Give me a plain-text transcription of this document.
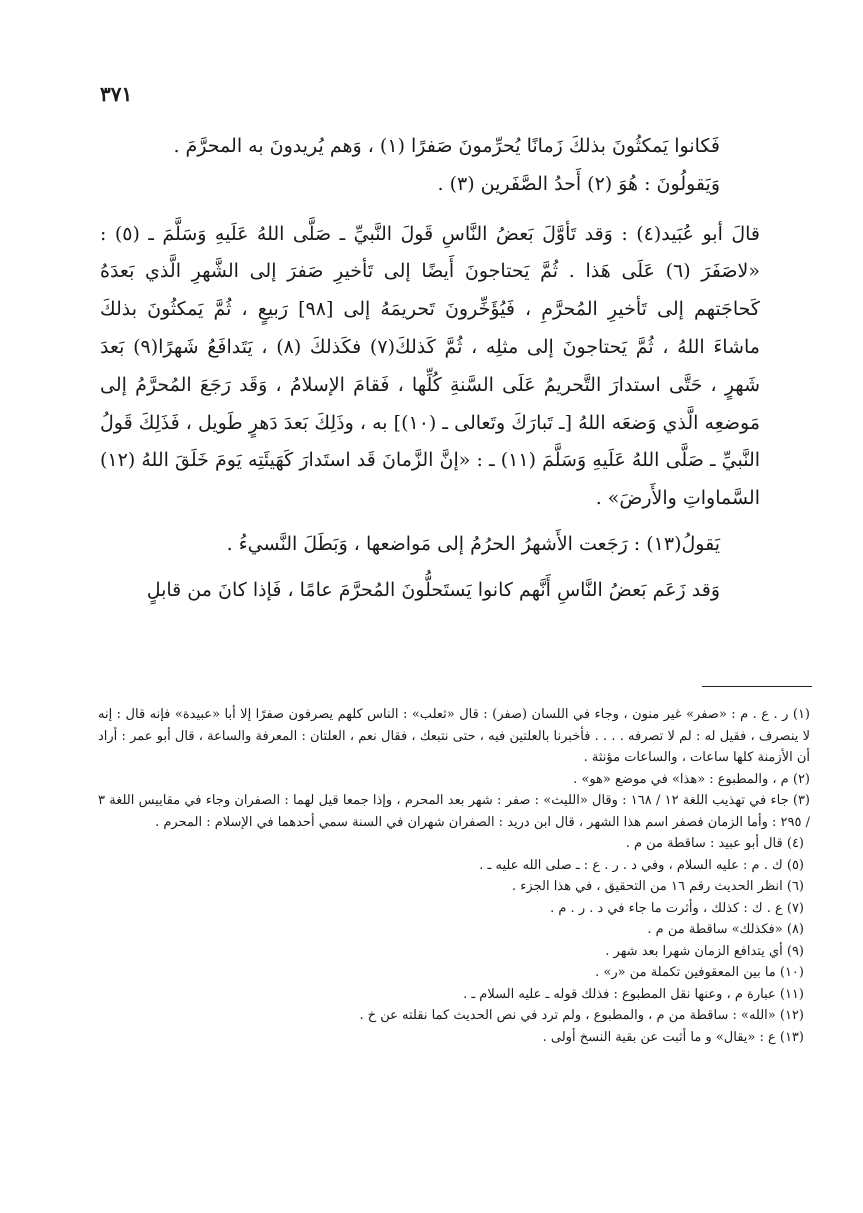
٣٧١

فَكانوا يَمكثُونَ بذلكَ زَمانًا يُحرِّمونَ صَفرًا (١) ، وَهم يُريدونَ به المحرَّمَ .

وَيَقولُونَ : هُوَ (٢) أَحدُ الصَّفَرين (٣) .

قالَ أبو عُبَيد(٤) : وَقد تَأوَّلَ بَعضُ النَّاسِ قَولَ النَّبيِّ ـ صَلَّى اللهُ عَلَيهِ وَسَلَّمَ ـ (٥) : «لاصَفَرَ (٦) عَلَى هَذا . ثُمَّ يَحتاجونَ أَيضًا إلى تَأخيرِ صَفرَ إلى الشَّهرِ الَّذي بَعدَهُ كَحاجَتهم إلى تَأخيرِ المُحرَّمِ ، فَيُؤَخِّرونَ تَحريمَهُ إلى [٩٨] رَبيعٍ ، ثُمَّ يَمكثُونَ بذلكَ ماشاءَ اللهُ ، ثُمَّ يَحتاجونَ إلى مثلِه ، ثُمَّ كَذلكَ(٧) فكَذلكَ (٨) ، يَتَدافَعُ شَهرًا(٩) بَعدَ شَهرٍ ، حَتَّى استدارَ التَّحريمُ عَلَى السَّنةِ كُلِّها ، فَقامَ الإسلامُ ، وَقَد رَجَعَ المُحرَّمُ إلى مَوضعِه الَّذي وَضعَه اللهُ [ـ تَبارَكَ وتَعالى ـ (١٠)] به ، وذَلِكَ بَعدَ دَهرٍ طَويل ، فَذَلِكَ قَولُ النَّبيِّ ـ صَلَّى اللهُ عَلَيهِ وَسَلَّمَ (١١) ـ : «إنَّ الزَّمانَ قَد استَدارَ كَهَيئَتِه يَومَ خَلَقَ اللهُ (١٢) السَّماواتِ والأَرضَ» .

يَقولُ(١٣) : رَجَعت الأَشهرُ الحرُمُ إلى مَواضعها ، وَبَطَلَ النَّسيءُ .

وَقد زَعَم بَعضُ النَّاسِ أَنَّهم كانوا يَستَحلُّونَ المُحرَّمَ عامًا ، فَإذا كانَ من قابلٍ

(١) ر . ع . م : «صفر» غير منون ، وجاء في اللسان (صفر) : قال «ثعلب» : الناس كلهم يصرفون صفرًا إلا أبا «عبيدة» فإنه قال : إنه لا ينصرف ، فقيل له : لم لا تصرفه . . . . فأخبرنا بالعلتين فيه ، حتى نتبعك ، فقال نعم ، العلتان : المعرفة والساعة ، قال أبو عمر : أراد أن الأزمنة كلها ساعات ، والساعات مؤنثة .

(٢) م ، والمطبوع : «هذا» في موضع «هو» .

(٣) جاء في تهذيب اللغة ١٢ / ١٦٨ : وقال «الليث» : صفر : شهر بعد المحرم ، وإذا جمعا قيل لهما : الصفران وجاء في مقاييس اللغة ٣ / ٢٩٥ : وأما الزمان فصفر اسم هذا الشهر ، قال ابن دريد : الصفران شهران في السنة سمي أحدهما في الإسلام : المحرم .

(٤) قال أبو عبيد : ساقطة من م .

(٥) ك . م : عليه السلام ، وفي د . ر . ع : ـ صلى الله عليه ـ .

(٦) انظر الحديث رقم ١٦ من التحقيق ، في هذا الجزء .

(٧) ع . ك : كذلك ، وأثرت ما جاء في د . ر . م .

(٨) «فكذلك» ساقطة من م .

(٩) أي يتدافع الزمان شهرا بعد شهر .

(١٠) ما بين المعقوفين تكملة من «ر» .

(١١) عبارة م ، وعنها نقل المطبوع : فذلك قوله ـ عليه السلام ـ .

(١٢) «الله» : ساقطة من م ، والمطبوع ، ولم ترد في نص الحديث كما نقلته عن خ .

(١٣) ع : «يقال» و ما أثبت عن بقية النسخ أولى .
